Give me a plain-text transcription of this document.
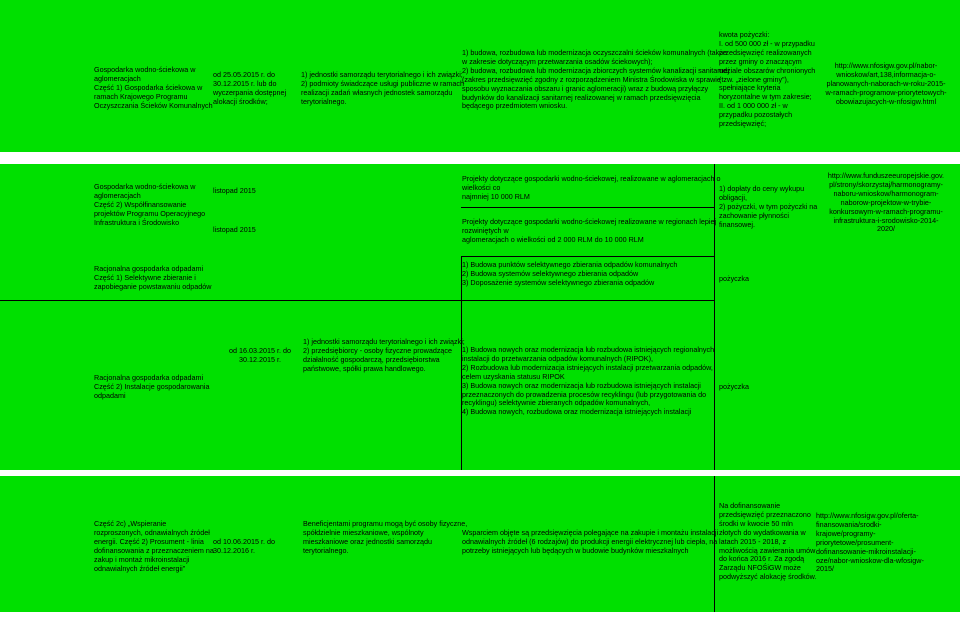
Gospodarka wodno-ściekowa w
aglomeracjach
Część 1) Gospodarka ściekowa w
ramach Krajowego Programu
Oczyszczania Ścieków Komunalnych
od 25.05.2015 r. do
30.12.2015 r. lub do
wyczerpania dostępnej
alokacji środków;
1) jednostki samorządu terytorialnego i ich związki;
2) podmioty świadczące usługi publiczne w ramach
realizacji zadań własnych jednostek samorządu
terytorialnego.
1) budowa, rozbudowa lub modernizacja oczyszczalni ścieków komunalnych (także
w zakresie dotyczącym przetwarzania osadów ściekowych);
2) budowa, rozbudowa lub modernizacja zbiorczych systemów kanalizacji sanitarnej
(zakres przedsięwzięć zgodny z rozporządzeniem Ministra Środowiska w sprawie
sposobu wyznaczania obszaru i granic aglomeracji) wraz z budową przyłączy
budynków do kanalizacji sanitarnej realizowanej w ramach przedsięwzięcia
będącego przedmiotem wniosku.
kwota pożyczki:
I. od 500 000 zł - w przypadku
przedsięwzięć realizowanych
przez gminy o znaczącym
udziale obszarów chronionych
(tzw. „zielone gminy”),
spełniające kryteria
horyzontalne w tym zakresie;
II. od 1 000 000 zł - w
przypadku pozostałych
przedsięwzięć;
http://www.nfosigw.gov.pl/nabor-
wnioskow/art,138,informacja-o-
planowanych-naborach-w-roku-2015-
w-ramach-programow-priorytetowych-
obowiazujacych-w-nfosigw.html
Gospodarka wodno-ściekowa w
aglomeracjach
Część 2) Współfinansowanie
projektów Programu Operacyjnego
Infrastruktura i Środowisko
listopad 2015
listopad 2015
Projekty dotyczące gospodarki wodno-ściekowej, realizowane w aglomeracjach o
wielkości co
najmniej 10 000 RLM
Projekty dotyczące gospodarki wodno-ściekowej realizowane w regionach lepiej
rozwiniętych w
aglomeracjach o wielkości od 2 000 RLM do 10 000 RLM
1) dopłaty do ceny wykupu
obligacji,
2) pożyczki, w tym pożyczki na
zachowanie płynności
finansowej.
http://www.funduszeeuropejskie.gov.
pl/strony/skorzystaj/harmonogramy-
naboru-wnioskow/harmonogram-
naborow-projektow-w-trybie-
konkursowym-w-ramach-programu-
infrastruktura-i-srodowisko-2014-
2020/
Racjonalna gospodarka odpadami
Część 1) Selektywne zbieranie i
zapobieganie powstawaniu odpadów
Racjonalna gospodarka odpadami
Część 2) Instalacje gospodarowania
odpadami
od 16.03.2015 r. do
30.12.2015 r.
1) jednostki samorządu terytorialnego i ich związki;
2) przedsiębiorcy - osoby fizyczne prowadzące
działalność gospodarczą, przedsiębiorstwa
państwowe, spółki prawa handlowego.
1) Budowa punktów selektywnego zbierania odpadów komunalnych
2) Budowa systemów selektywnego zbierania odpadów
3) Doposażenie systemów selektywnego zbierania odpadów
1) Budowa nowych oraz modernizacja lub rozbudowa istniejących regionalnych
instalacji do przetwarzania odpadów komunalnych (RIPOK),
2) Rozbudowa lub modernizacja istniejących instalacji przetwarzania odpadów,
celem uzyskania statusu RIPOK
3) Budowa nowych oraz modernizacja lub rozbudowa istniejących instalacji
przeznaczonych do prowadzenia procesów recyklingu (lub przygotowania do
recyklingu) selektywnie zbieranych odpadów komunalnych,
4) Budowa nowych, rozbudowa oraz modernizacja istniejących instalacji
pożyczka
pożyczka
Część 2c) „Wspieranie
rozproszonych, odnawialnych źródeł
energii. Część 2) Prosument - linia
dofinansowania z przeznaczeniem na
zakup i montaż mikroinstalacji
odnawialnych źródeł energii”
od 10.06.2015 r. do
30.12.2016 r.
Beneficjentami programu mogą być osoby fizyczne,
spółdzielnie mieszkaniowe, wspólnoty
mieszkaniowe oraz jednostki samorządu
terytorialnego.
Wsparciem objęte są przedsięwzięcia polegające na zakupie i montażu instalacji
odnawialnych źródeł (6 rodzajów) do produkcji energii elektrycznej lub ciepła, na
potrzeby istniejących lub będących w budowie budynków mieszkalnych
Na dofinansowanie
przedsięwzięć przeznaczono
środki w kwocie 50 mln
złotych do wydatkowania w
latach 2015 - 2018, z
możliwością zawierania umów
do końca 2016 r. Za zgodą
Zarządu NFOŚiGW może
podwyższyć alokację środków.
http://www.nfosigw.gov.pl/oferta-
finansowania/srodki-
krajowe/programy-
priorytetowe/prosument-
dofinansowanie-mikroinstalacji-
oze/nabor-wnioskow-dla-wfosigw-
2015/
